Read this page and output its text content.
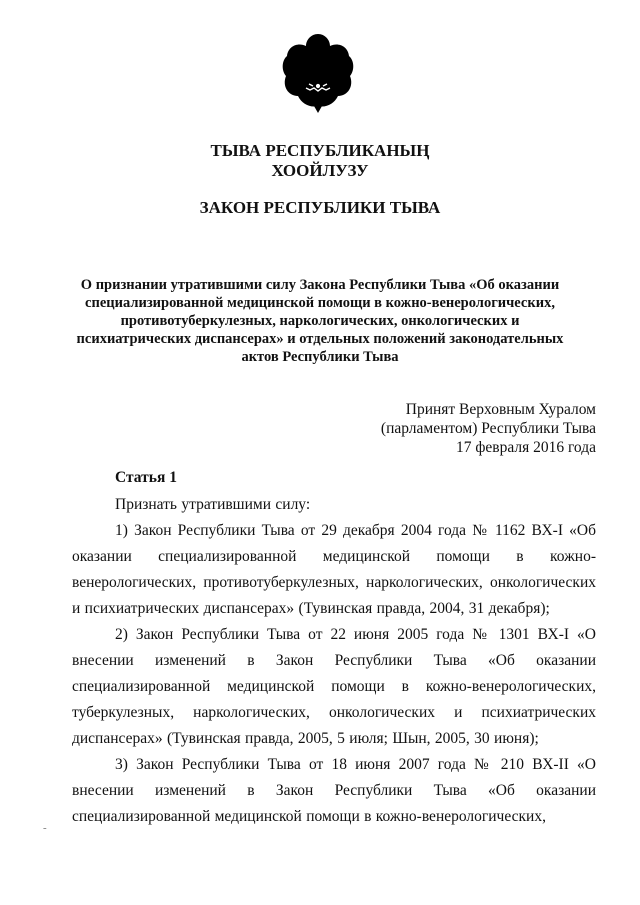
ТЫВА РЕСПУБЛИКАНЫҢ
ХООЙЛУЗУ
ЗАКОН РЕСПУБЛИКИ ТЫВА
О признании утратившими силу Закона Республики Тыва «Об оказании специализированной медицинской помощи в кожно-венерологических, противотуберкулезных, наркологических, онкологических и психиатрических диспансерах» и отдельных положений законодательных актов Республики Тыва
Принят Верховным Хуралом
(парламентом) Республики Тыва
17 февраля 2016 года
Статья 1

Признать утратившими силу:

1) Закон Республики Тыва от 29 декабря 2004 года № 1162 ВХ-I «Об оказании специализированной медицинской помощи в кожно-венерологических, противотуберкулезных, наркологических, онкологических и психиатрических диспансерах» (Тувинская правда, 2004, 31 декабря);

2) Закон Республики Тыва от 22 июня 2005 года № 1301 ВХ-I «О внесении изменений в Закон Республики Тыва «Об оказании специализированной медицинской помощи в кожно-венерологических, туберкулезных, наркологических, онкологических и психиатрических диспансерах» (Тувинская правда, 2005, 5 июля; Шын, 2005, 30 июня);

3) Закон Республики Тыва от 18 июня 2007 года № 210 ВХ-II «О внесении изменений в Закон Республики Тыва «Об оказании специализированной медицинской помощи в кожно-венерологических,

-
